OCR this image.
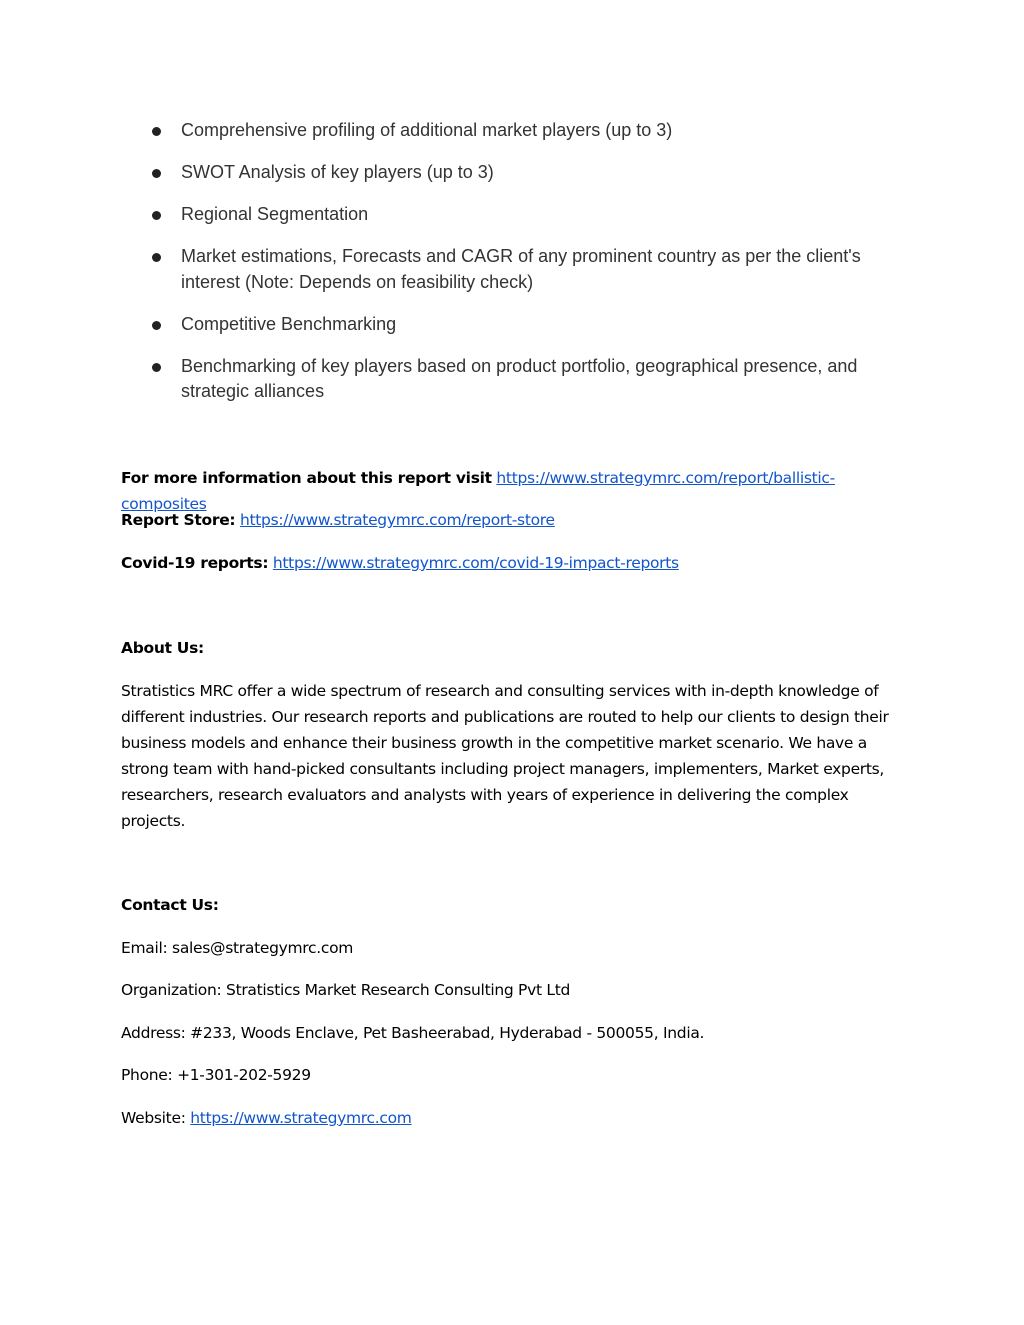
Comprehensive profiling of additional market players (up to 3)
SWOT Analysis of key players (up to 3)
Regional Segmentation
Market estimations, Forecasts and CAGR of any prominent country as per the client's interest (Note: Depends on feasibility check)
Competitive Benchmarking
Benchmarking of key players based on product portfolio, geographical presence, and strategic alliances

For more information about this report visit https://www.strategymrc.com/report/ballistic-composites

Report Store: https://www.strategymrc.com/report-store

Covid-19 reports: https://www.strategymrc.com/covid-19-impact-reports

About Us:

Stratistics MRC offer a wide spectrum of research and consulting services with in-depth knowledge of
different industries. Our research reports and publications are routed to help our clients to design their
business models and enhance their business growth in the competitive market scenario. We have a
strong team with hand-picked consultants including project managers, implementers, Market experts,
researchers, research evaluators and analysts with years of experience in delivering the complex
projects.

Contact Us:

Email: sales@strategymrc.com

Organization: Stratistics Market Research Consulting Pvt Ltd

Address: #233, Woods Enclave, Pet Basheerabad, Hyderabad - 500055, India.

Phone: +1-301-202-5929

Website: https://www.strategymrc.com
